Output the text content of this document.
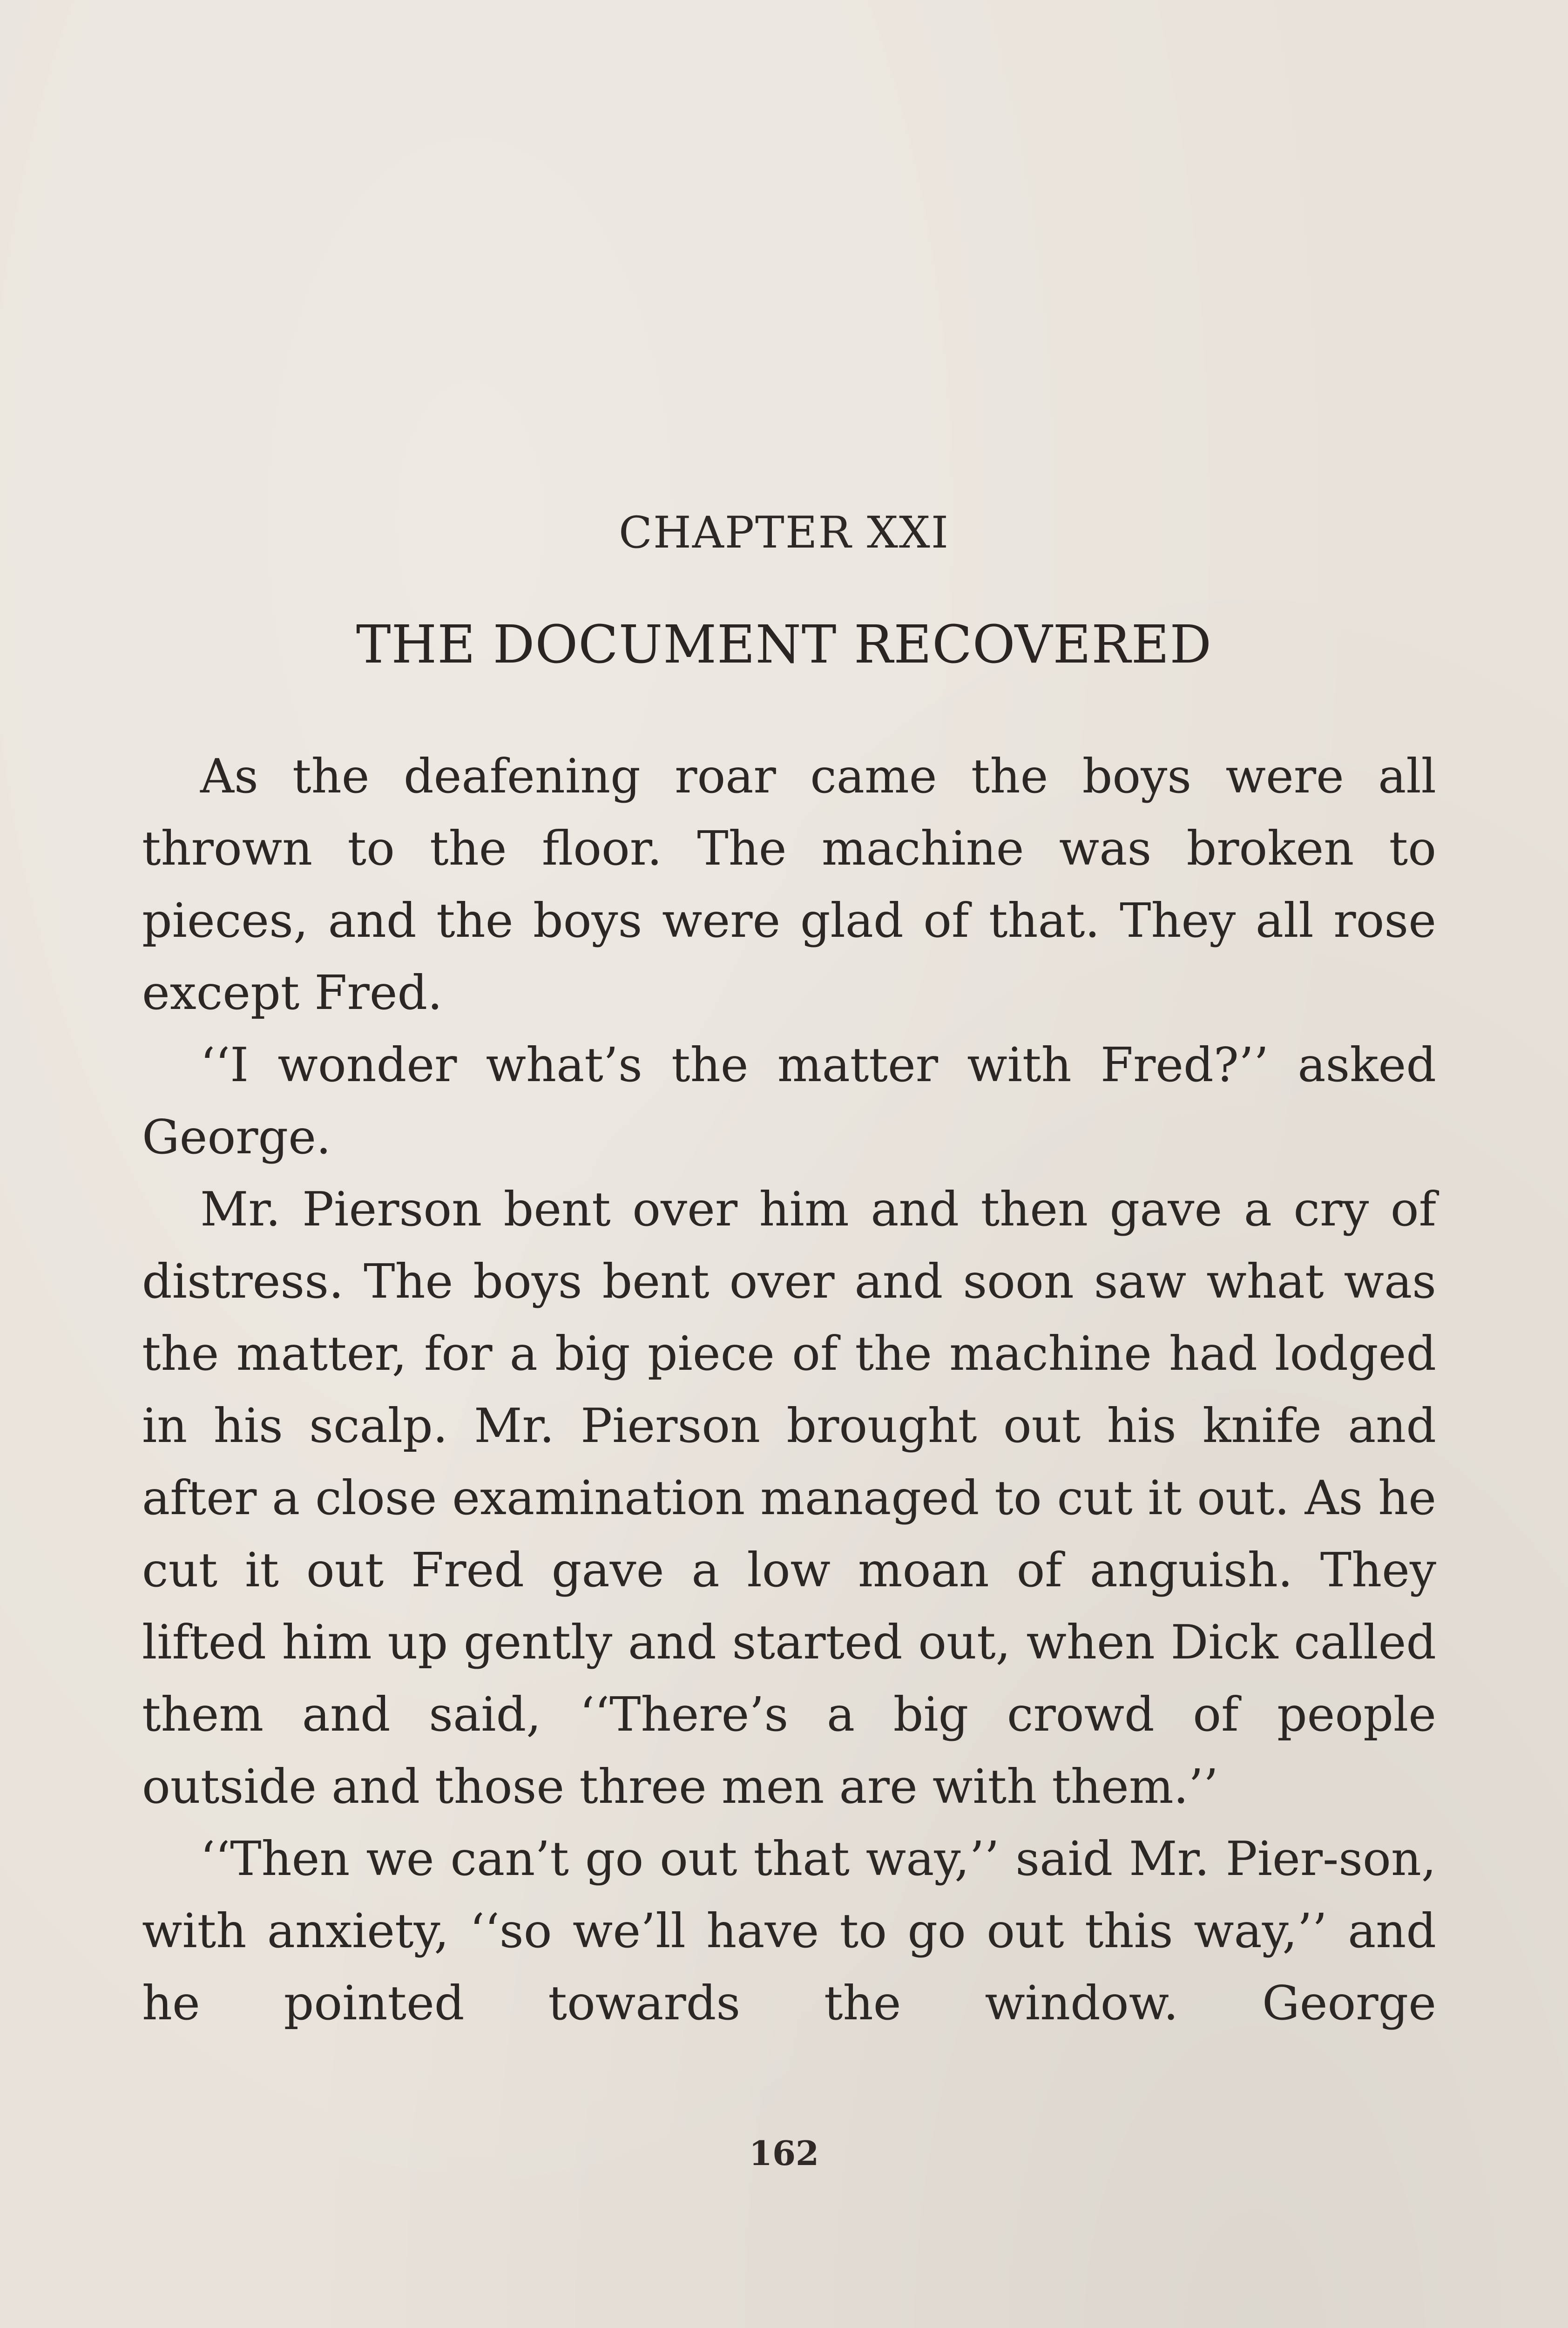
CHAPTER XXI
THE DOCUMENT RECOVERED

As the deafening roar came the boys were all thrown to the floor. The machine was broken to pieces, and the boys were glad of that. They all rose except Fred.

‘‘I wonder what’s the matter with Fred?’’ asked George.

Mr. Pierson bent over him and then gave a cry of distress. The boys bent over and soon saw what was the matter, for a big piece of the machine had lodged in his scalp. Mr. Pierson brought out his knife and after a close examination managed to cut it out. As he cut it out Fred gave a low moan of anguish. They lifted him up gently and started out, when Dick called them and said, ‘‘There’s a big crowd of people outside and those three men are with them.’’

‘‘Then we can’t go out that way,’’ said Mr. Pier-son, with anxiety, ‘‘so we’ll have to go out this way,’’ and he pointed towards the window. George

162
